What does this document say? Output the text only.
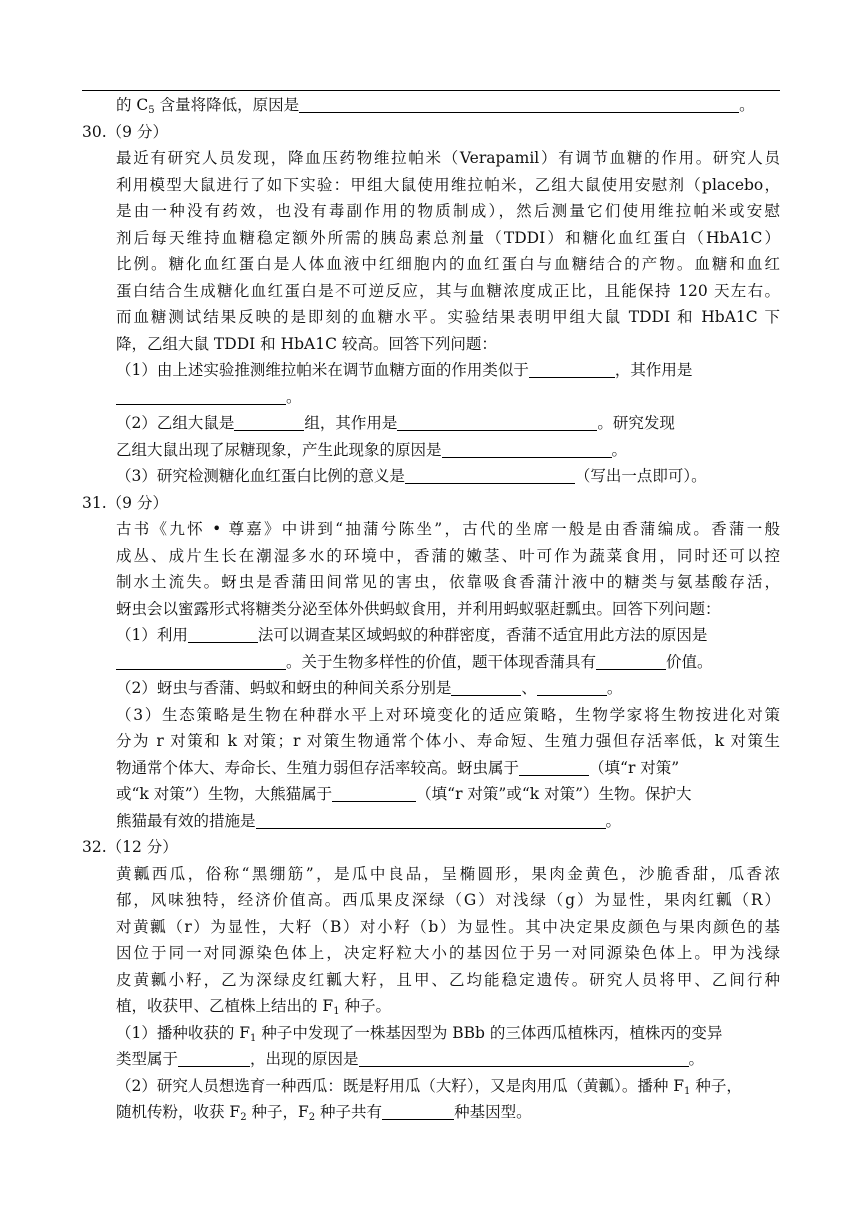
的 $C_5$ 含量将降低，原因是	。
30.（9 分）
最近有研究人员发现，降血压药物维拉帕米（Verapamil）有调节血糖的作用。研究人员
利用模型大鼠进行了如下实验：甲组大鼠使用维拉帕米，乙组大鼠使用安慰剂（placebo，
是由一种没有药效，也没有毒副作用的物质制成），然后测量它们使用维拉帕米或安慰
剂后每天维持血糖稳定额外所需的胰岛素总剂量（TDDI）和糖化血红蛋白（HbA1C）
比例。糖化血红蛋白是人体血液中红细胞内的血红蛋白与血糖结合的产物。血糖和血红
蛋白结合生成糖化血红蛋白是不可逆反应，其与血糖浓度成正比，且能保持 120 天左右。
而血糖测试结果反映的是即刻的血糖水平。实验结果表明甲组大鼠 TDDI 和 HbA1C 下
降，乙组大鼠 TDDI 和 HbA1C 较高。回答下列问题：
（1）由上述实验推测维拉帕米在调节血糖方面的作用类似于	，其作用是
。
（2）乙组大鼠是	组，其作用是	。研究发现
乙组大鼠出现了尿糖现象，产生此现象的原因是	。
（3）研究检测糖化血红蛋白比例的意义是	（写出一点即可）。
31.（9 分）
古书《九怀 • 尊嘉》中讲到“抽蒲兮陈坐”，古代的坐席一般是由香蒲编成。香蒲一般
成丛、成片生长在潮湿多水的环境中，香蒲的嫩茎、叶可作为蔬菜食用，同时还可以控
制水土流失。蚜虫是香蒲田间常见的害虫，依靠吸食香蒲汁液中的糖类与氨基酸存活，
蚜虫会以蜜露形式将糖类分泌至体外供蚂蚁食用，并利用蚂蚁驱赶瓢虫。回答下列问题：
（1）利用	法可以调查某区域蚂蚁的种群密度，香蒲不适宜用此方法的原因是
。关于生物多样性的价值，题干体现香蒲具有	价值。
（2）蚜虫与香蒲、蚂蚁和蚜虫的种间关系分别是	、	。
（3）生态策略是生物在种群水平上对环境变化的适应策略，生物学家将生物按进化对策
分为 r 对策和 k 对策；r 对策生物通常个体小、寿命短、生殖力强但存活率低，k 对策生
物通常个体大、寿命长、生殖力弱但存活率较高。蚜虫属于	（填“r 对策”
或“k 对策”）生物，大熊猫属于	（填“r 对策”或“k 对策”）生物。保护大
熊猫最有效的措施是	。
32.（12 分）
黄瓤西瓜，俗称“黑绷筋”，是瓜中良品，呈椭圆形，果肉金黄色，沙脆香甜，瓜香浓
郁，风味独特，经济价值高。西瓜果皮深绿（G）对浅绿（g）为显性，果肉红瓤（R）
对黄瓤（r）为显性，大籽（B）对小籽（b）为显性。其中决定果皮颜色与果肉颜色的基
因位于同一对同源染色体上，决定籽粒大小的基因位于另一对同源染色体上。甲为浅绿
皮黄瓤小籽，乙为深绿皮红瓤大籽，且甲、乙均能稳定遗传。研究人员将甲、乙间行种
植，收获甲、乙植株上结出的 $F_1$ 种子。
（1）播种收获的 $F_1$ 种子中发现了一株基因型为 BBb 的三体西瓜植株丙，植株丙的变异
类型属于	，出现的原因是	。
（2）研究人员想选育一种西瓜：既是籽用瓜（大籽），又是肉用瓜（黄瓤）。播种 $F_1$ 种子，
随机传粉，收获 $F_2$ 种子，$F_2$ 种子共有	种基因型。
